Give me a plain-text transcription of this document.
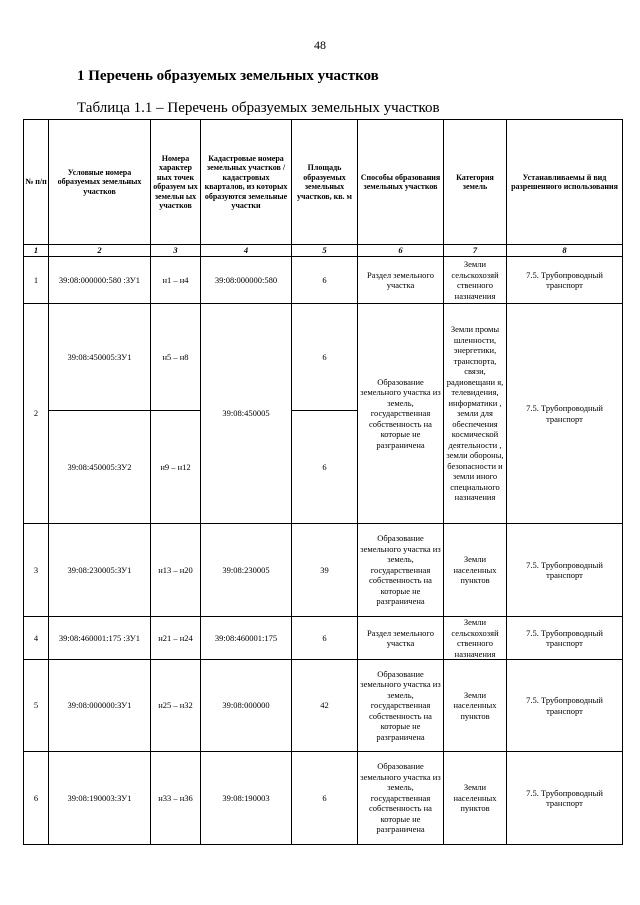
48
1 Перечень образуемых земельных участков
Таблица 1.1 – Перечень образуемых земельных участков
№ п/п	Условные номера образуемых земельных участков	Номера характер ных точек образуем ых земельн ых участков	Кадастровые номера земельных участков / кадастровых кварталов, из которых образуются земельные участки	Площадь образуемых земельных участков, кв. м	Способы образования земельных участков	Категория земель	Устанавливаемы й вид разрешенного использования
1	2	3	4	5	6	7	8
1	39:08:000000:580 :ЗУ1	н1 – н4	39:08:000000:580	6	Раздел земельного участка	Земли сельскохозяй ственного назначения	7.5. Трубопроводный транспорт
2	39:08:450005:ЗУ1	н5 – н8	39:08:450005	6	Образование земельного участка из земель, государственная собственность на которые не разграничена	Земли промы шленности, энергетики, транспорта, связи, радиовещани я, телевидения, информатики , земли для обеспечения космической деятельности , земли обороны, безопасности и земли иного специального назначения	7.5. Трубопроводный транспорт
	39:08:450005:ЗУ2	н9 – н12		6			
3	39:08:230005:ЗУ1	н13 – н20	39:08:230005	39	Образование земельного участка из земель, государственная собственность на которые не разграничена	Земли населенных пунктов	7.5. Трубопроводный транспорт
4	39:08:460001:175 :ЗУ1	н21 – н24	39:08:460001:175	6	Раздел земельного участка	Земли сельскохозяй ственного назначения	7.5. Трубопроводный транспорт
5	39:08:000000:ЗУ1	н25 – н32	39:08:000000	42	Образование земельного участка из земель, государственная собственность на которые не разграничена	Земли населенных пунктов	7.5. Трубопроводный транспорт
6	39:08:190003:ЗУ1	н33 – н36	39:08:190003	6	Образование земельного участка из земель, государственная собственность на которые не разграничена	Земли населенных пунктов	7.5. Трубопроводный транспорт
